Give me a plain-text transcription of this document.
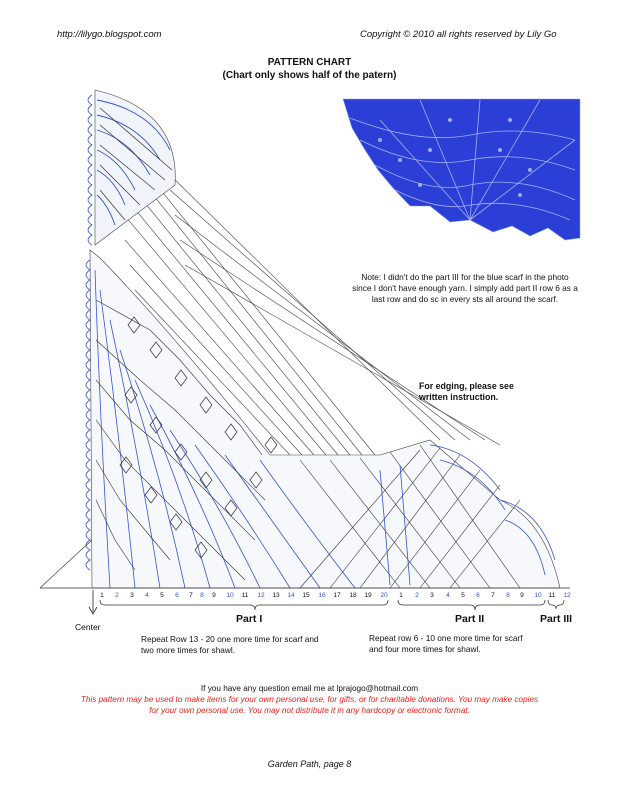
http://lilygo.blogspot.com	Copyright © 2010 all rights reserved by Lily Go
PATTERN CHART
(Chart only shows half of the patern)
Note: I didn't do the part III for the blue scarf in the photo
since I don't have enough yarn. I simply add part II row 6 as a
last row and do sc in every sts all around the scarf.
For edging, please see
written instruction.
1 2 3 4 5 6 7 8 9 10 11 12 13 14 15 16 17 18 19 20 1 2 3 4 5 6 7 8 9 10 11 12
Center
Part I	Part II	Part III
Repeat Row 13 - 20 one more time for scarf and
two more times for shawl.
Repeat row 6 - 10 one more time for scarf
and four more times for shawl.
If you have any question email me at lprajogo@hotmail.com
This pattern may be used to make items for your own personal use, for gifts, or for charitable donations. You may make copies
for your own personal use. You may not distribute it in any hardcopy or electronic format.
Garden Path, page 8
